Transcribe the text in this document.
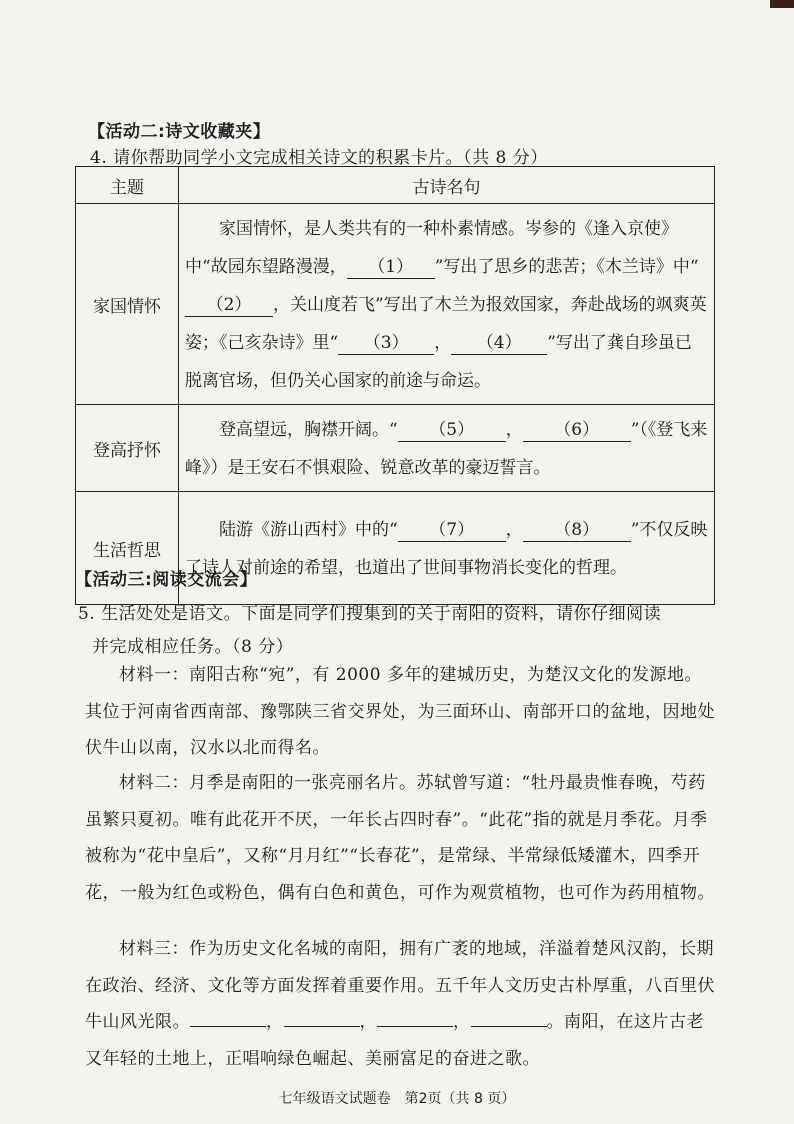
【活动二:诗文收藏夹】
4. 请你帮助同学小文完成相关诗文的积累卡片。（共 8 分）
主题	古诗名句
家国情怀	家国情怀，是人类共有的一种朴素情感。岑参的《逢入京使》中“故园东望路漫漫， （1） ”写出了思乡的悲苦；《木兰诗》中“（2） ，关山度若飞”写出了木兰为报效国家，奔赴战场的飒爽英姿；《己亥杂诗》里“ （3） ， （4） ”写出了龚自珍虽已脱离官场，但仍关心国家的前途与命运。
登高抒怀	登高望远，胸襟开阔。“ （5） ， （6） ”（《登飞来峰》）是王安石不惧艰险、锐意改革的豪迈誓言。
生活哲思	陆游《游山西村》中的“ （7） ， （8） ”不仅反映了诗人对前途的希望，也道出了世间事物消长变化的哲理。
【活动三:阅读交流会】
5. 生活处处是语文。下面是同学们搜集到的关于南阳的资料，请你仔细阅读
并完成相应任务。（8 分）
材料一：南阳古称“宛”，有 2000 多年的建城历史，为楚汉文化的发源地。其位于河南省西南部、豫鄂陕三省交界处，为三面环山、南部开口的盆地，因地处伏牛山以南，汉水以北而得名。
材料二：月季是南阳的一张亮丽名片。苏轼曾写道：“牡丹最贵惟春晚，芍药虽繁只夏初。唯有此花开不厌，一年长占四时春”。“此花”指的就是月季花。月季被称为“花中皇后”，又称“月月红”“长春花”，是常绿、半常绿低矮灌木，四季开花，一般为红色或粉色，偶有白色和黄色，可作为观赏植物，也可作为药用植物。
材料三：作为历史文化名城的南阳，拥有广袤的地域，洋溢着楚风汉韵，长期在政治、经济、文化等方面发挥着重要作用。五千年人文历史古朴厚重，八百里伏牛山风光限。	，	，	，	。南阳，在这片古老又年轻的土地上，正唱响绿色崛起、美丽富足的奋进之歌。
七年级语文试题卷　第2页（共 8 页）
